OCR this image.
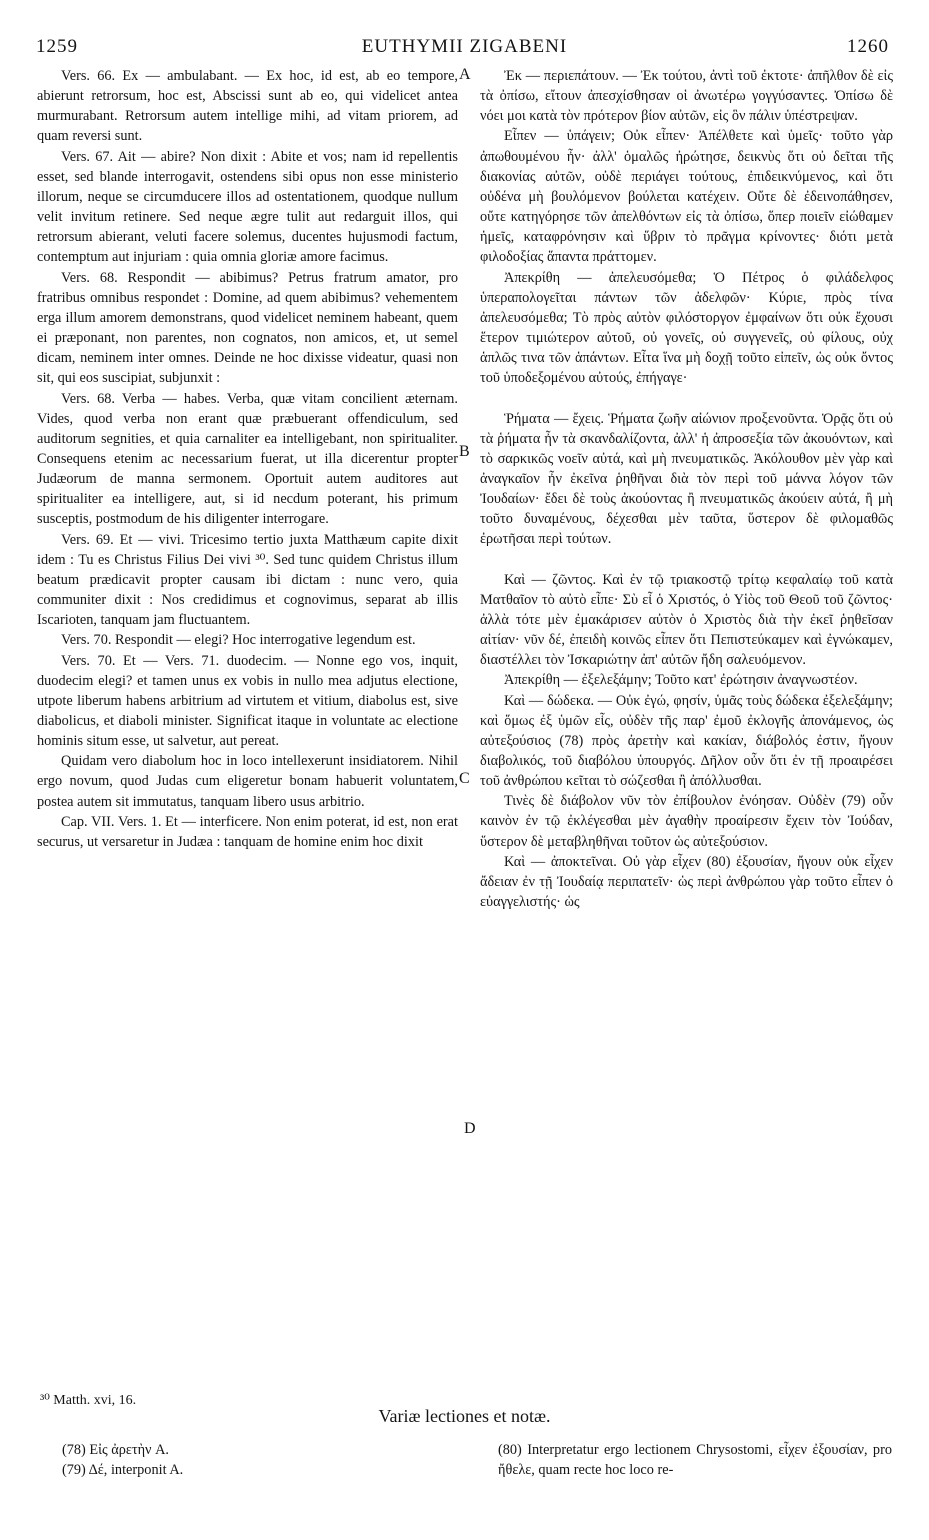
1259	EUTHYMII ZIGABENI	1260

Vers. 66. Ex — ambulabant. — Ex hoc, id est, ab eo tempore, abierunt retrorsum, hoc est, Abscissi sunt ab eo, qui videlicet antea murmurabant. Retrorsum autem intellige mihi, ad vitam priorem, ad quam reversi sunt.

Vers. 67. Ait — abire? Non dixit : Abite et vos; nam id repellentis esset, sed blande interrogavit, ostendens sibi opus non esse ministerio illorum, neque se circumducere illos ad ostentationem, quodque nullum velit invitum retinere. Sed neque ægre tulit aut redarguit illos, qui retrorsum abierant, veluti facere solemus, ducentes hujusmodi factum, contemptum aut injuriam : quia omnia gloriæ amore facimus.

Vers. 68. Respondit — abibimus? Petrus fratrum amator, pro fratribus omnibus respondet : Domine, ad quem abibimus? vehementem erga illum amorem demonstrans, quod videlicet neminem habeant, quem ei præponant, non parentes, non cognatos, non amicos, et, ut semel dicam, neminem inter omnes. Deinde ne hoc dixisse videatur, quasi non sit, qui eos suscipiat, subjunxit :

Vers. 68. Verba — habes. Verba, quæ vitam concilient æternam. Vides, quod verba non erant quæ præbuerant offendiculum, sed auditorum segnities, et quia carnaliter ea intelligebant, non spiritualiter. Consequens etenim ac necessarium fuerat, ut illa dicerentur propter Judæorum de manna sermonem. Oportuit autem auditores aut spiritualiter ea intelligere, aut, si id necdum poterant, his primum susceptis, postmodum de his diligenter interrogare.

Vers. 69. Et — vivi. Tricesimo tertio juxta Matthæum capite dixit idem : Tu es Christus Filius Dei vivi ³⁰. Sed tunc quidem Christus illum beatum prædicavit propter causam ibi dictam : nunc vero, quia communiter dixit : Nos credidimus et cognovimus, separat ab illis Iscarioten, tanquam jam fluctuantem.

Vers. 70. Respondit — elegi? Hoc interrogative legendum est.

Vers. 70. Et — Vers. 71. duodecim. — Nonne ego vos, inquit, duodecim elegi? et tamen unus ex vobis in nullo mea adjutus electione, utpote liberum habens arbitrium ad virtutem et vitium, diabolus est, sive diabolicus, et diaboli minister. Significat itaque in voluntate ac electione hominis situm esse, ut salvetur, aut pereat.

Quidam vero diabolum hoc in loco intellexerunt insidiatorem. Nihil ergo novum, quod Judas cum eligeretur bonam habuerit voluntatem, postea autem sit immutatus, tanquam libero usus arbitrio.

Cap. VII. Vers. 1. Et — interficere. Non enim poterat, id est, non erat securus, ut versaretur in Judæa : tanquam de homine enim hoc dixit

A
B
C
D

Ἐκ — περιεπάτουν. — Ἐκ τούτου, ἀντὶ τοῦ ἐκτοτε· ἀπῆλθον δὲ εἰς τὰ ὀπίσω, εἴτουν ἀπεσχίσθησαν οἱ ἀνωτέρω γογγύσαντες. Ὀπίσω δὲ νόει μοι κατὰ τὸν πρότερον βίον αὐτῶν, εἰς ὃν πάλιν ὑπέστρεψαν.

Εἶπεν — ὑπάγειν; Οὐκ εἶπεν· Ἀπέλθετε καὶ ὑμεῖς· τοῦτο γὰρ ἀπωθουμένου ἦν· ἀλλ' ὁμαλῶς ἠρώτησε, δεικνὺς ὅτι οὐ δεῖται τῆς διακονίας αὐτῶν, οὐδὲ περιάγει τούτους, ἐπιδεικνύμενος, καὶ ὅτι οὐδένα μὴ βουλόμενον βούλεται κατέχειν. Οὔτε δὲ ἐδεινοπάθησεν, οὔτε κατηγόρησε τῶν ἀπελθόντων εἰς τὰ ὀπίσω, ὅπερ ποιεῖν εἰώθαμεν ἡμεῖς, καταφρόνησιν καὶ ὕβριν τὸ πρᾶγμα κρίνοντες· διότι μετὰ φιλοδοξίας ἅπαντα πράττομεν.

Ἀπεκρίθη — ἀπελευσόμεθα; Ὁ Πέτρος ὁ φιλάδελφος ὑπεραπολογεῖται πάντων τῶν ἀδελφῶν· Κύριε, πρὸς τίνα ἀπελευσόμεθα; Τὸ πρὸς αὐτὸν φιλόστοργον ἐμφαίνων ὅτι οὐκ ἔχουσι ἕτερον τιμιώτερον αὐτοῦ, οὐ γονεῖς, οὐ συγγενεῖς, οὐ φίλους, οὐχ ἁπλῶς τινα τῶν ἁπάντων. Εἶτα ἵνα μὴ δοχῇ τοῦτο εἰπεῖν, ὡς οὐκ ὄντος τοῦ ὑποδεξομένου αὐτούς, ἐπήγαγε·

Ῥήματα — ἔχεις. Ῥήματα ζωῆν αἰώνιον προξενοῦντα. Ὁρᾷς ὅτι οὐ τὰ ῥήματα ἦν τὰ σκανδαλίζοντα, ἀλλ' ἡ ἀπροσεξία τῶν ἀκουόντων, καὶ τὸ σαρκικῶς νοεῖν αὐτά, καὶ μὴ πνευματικῶς. Ἀκόλουθον μὲν γὰρ καὶ ἀναγκαῖον ἦν ἐκεῖνα ῥηθῆναι διὰ τὸν περὶ τοῦ μάννα λόγον τῶν Ἰουδαίων· ἔδει δὲ τοὺς ἀκούοντας ἢ πνευματικῶς ἀκούειν αὐτά, ἢ μὴ τοῦτο δυναμένους, δέχεσθαι μὲν ταῦτα, ὕστερον δὲ φιλομαθῶς ἐρωτῆσαι περὶ τούτων.

Καὶ — ζῶντος. Καὶ ἐν τῷ τριακοστῷ τρίτῳ κεφαλαίῳ τοῦ κατὰ Ματθαῖον τὸ αὐτὸ εἶπε· Σὺ εἶ ὁ Χριστός, ὁ Υἱὸς τοῦ Θεοῦ τοῦ ζῶντος· ἀλλὰ τότε μὲν ἐμακάρισεν αὐτὸν ὁ Χριστὸς διὰ τὴν ἐκεῖ ῥηθεῖσαν αἰτίαν· νῦν δέ, ἐπειδὴ κοινῶς εἶπεν ὅτι Πεπιστεύκαμεν καὶ ἐγνώκαμεν, διαστέλλει τὸν Ἰσκαριώτην ἀπ' αὐτῶν ἤδη σαλευόμενον.

Ἀπεκρίθη — ἐξελεξάμην; Τοῦτο κατ' ἐρώτησιν ἀναγνωστέον.

Καὶ — δώδεκα. — Οὐκ ἐγώ, φησίν, ὑμᾶς τοὺς δώδεκα ἐξελεξάμην; καὶ ὅμως ἐξ ὑμῶν εἷς, οὐδὲν τῆς παρ' ἐμοῦ ἐκλογῆς ἀπονάμενος, ὡς αὐτεξούσιος (78) πρὸς ἀρετὴν καὶ κακίαν, διάβολός ἐστιν, ἤγουν διαβολικός, τοῦ διαβόλου ὑπουργός. Δῆλον οὖν ὅτι ἐν τῇ προαιρέσει τοῦ ἀνθρώπου κεῖται τὸ σώζεσθαι ἢ ἀπόλλυσθαι.

Τινὲς δὲ διάβολον νῦν τὸν ἐπίβουλον ἐνόησαν. Οὐδὲν (79) οὖν καινὸν ἐν τῷ ἐκλέγεσθαι μὲν ἀγαθὴν προαίρεσιν ἔχειν τὸν Ἰούδαν, ὕστερον δὲ μεταβληθῆναι τοῦτον ὡς αὐτεξούσιον.

Καὶ — ἀποκτεῖναι. Οὐ γὰρ εἶχεν (80) ἐξουσίαν, ἤγουν οὐκ εἶχεν ἄδειαν ἐν τῇ Ἰουδαίᾳ περιπατεῖν· ὡς περὶ ἀνθρώπου γὰρ τοῦτο εἶπεν ὁ εὐαγγελιστής· ὡς

³⁰ Matth. xvi, 16.
Variæ lectiones et notæ.

(78) Εἰς ἀρετὴν A.

(79) Δέ, interponit A.

(80) Interpretatur ergo lectionem Chrysostomi, εἶχεν ἐξουσίαν, pro ἤθελε, quam recte hoc loco re-
